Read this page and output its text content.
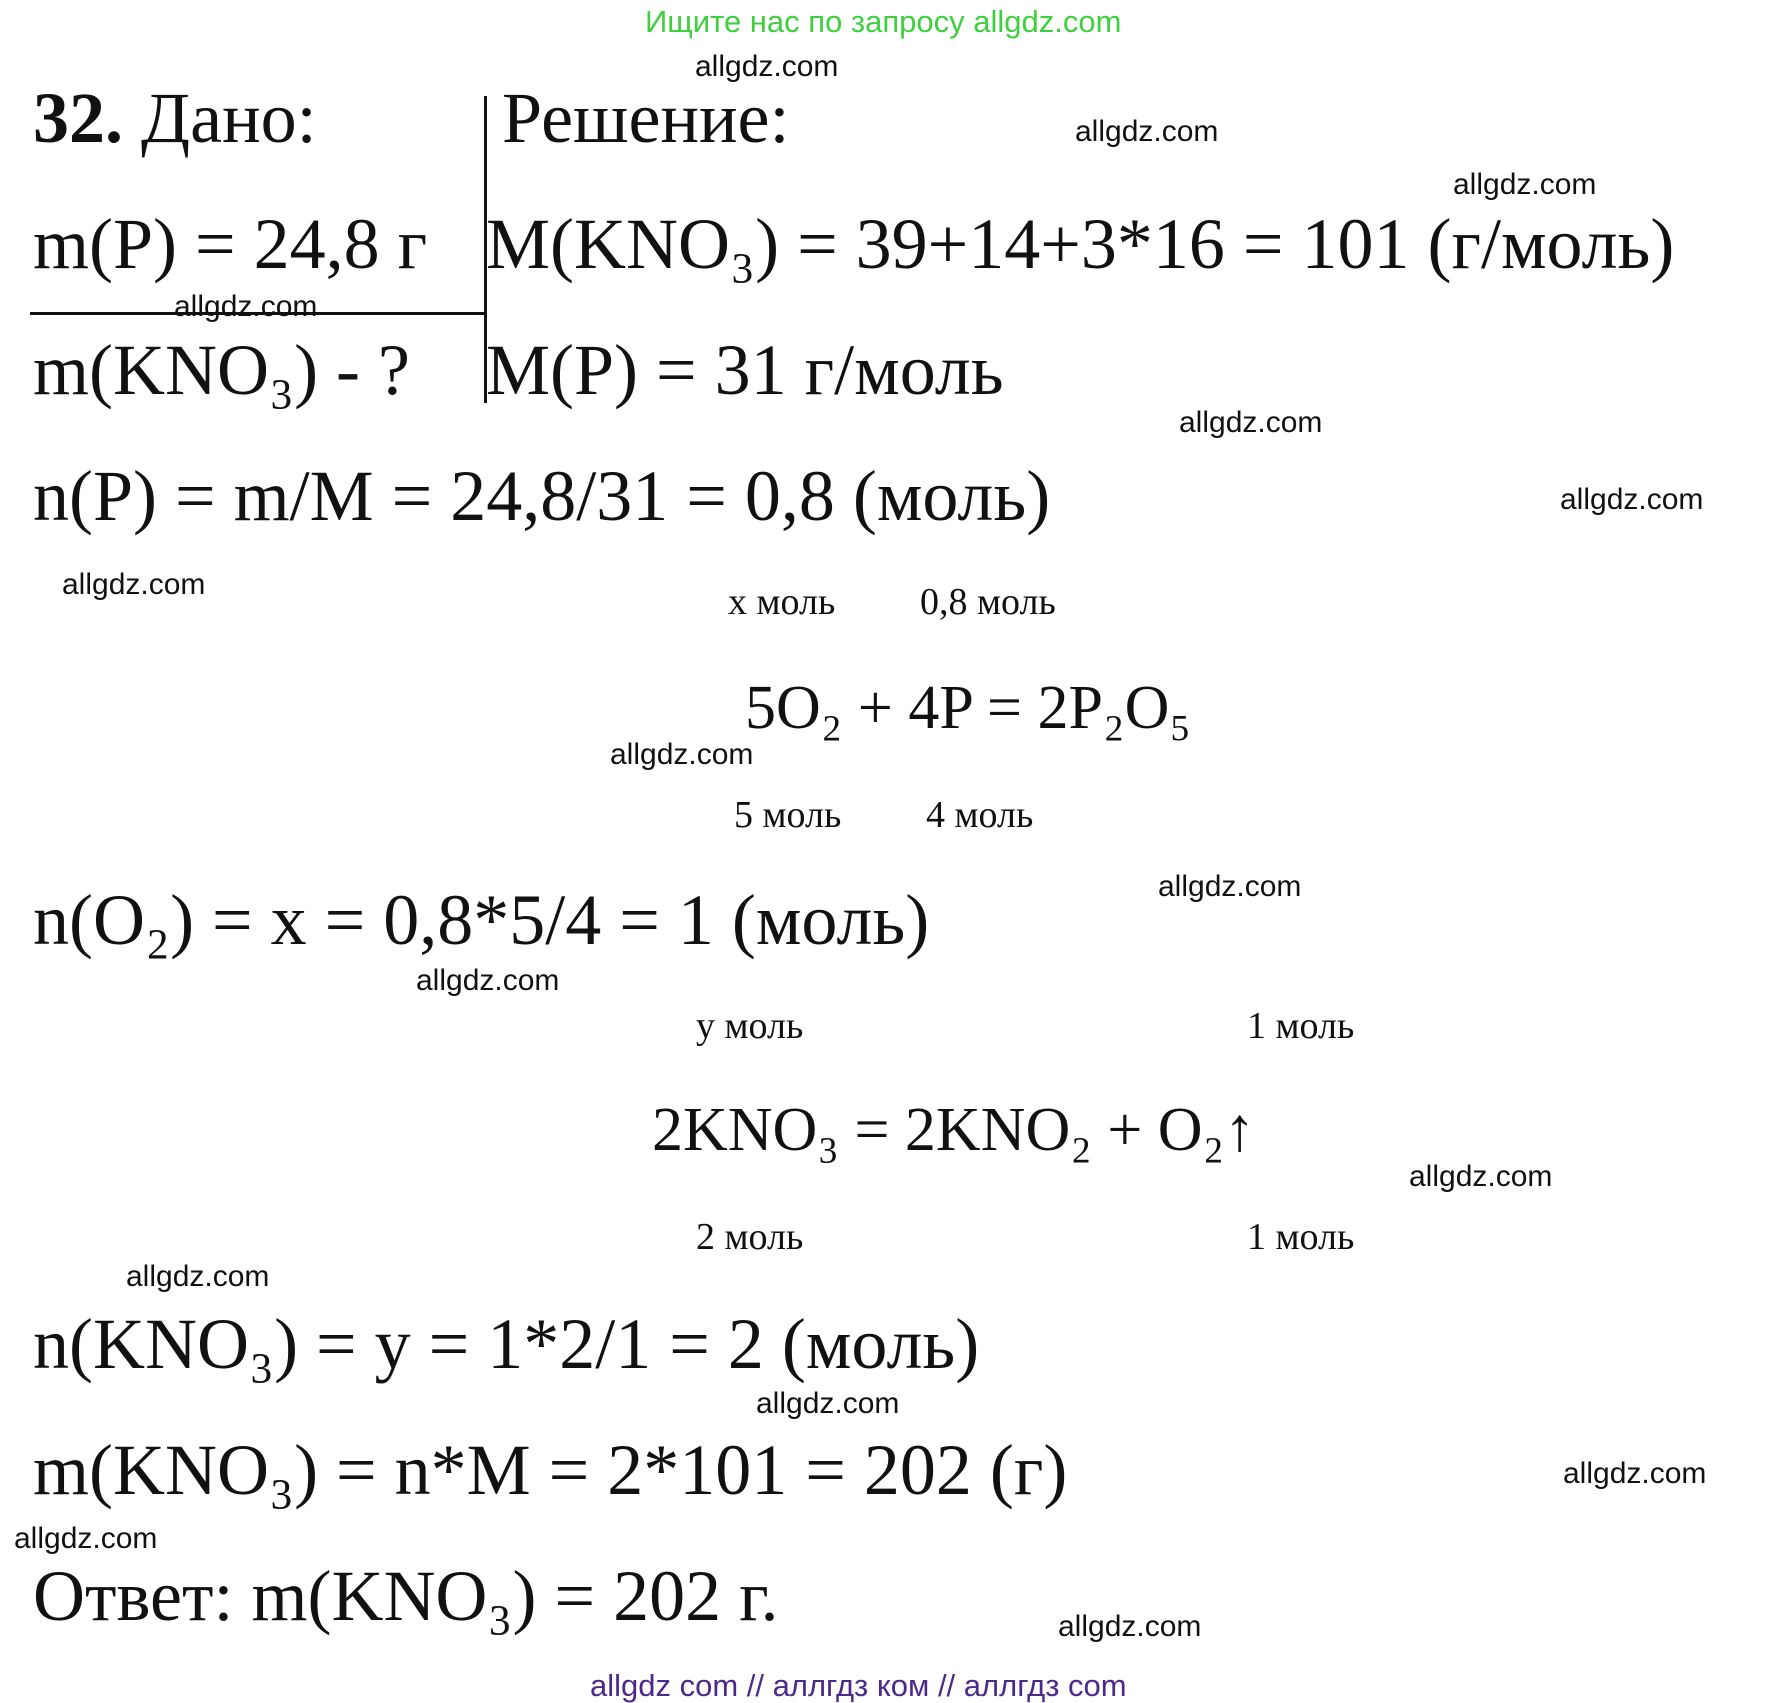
Ищите нас по запросу allgdz.com
32. Дано:	Решение:
m(P) = 24,8 г
m(KNO₃) - ?
M(KNO₃) = 39+14+3*16 = 101 (г/моль)
M(P) = 31 г/моль
n(P) = m/M = 24,8/31 = 0,8 (моль)
x моль 0,8 моль
5O₂ + 4P = 2P₂O₅
5 моль 4 моль
n(O₂) = x = 0,8*5/4 = 1 (моль)
y моль	1 моль
2KNO₃ = 2KNO₂ + O₂↑
2 моль	1 моль
n(KNO₃) = y = 1*2/1 = 2 (моль)
m(KNO₃) = n*M = 2*101 = 202 (г)
Ответ: m(KNO₃) = 202 г.
allgdz.com
allgdz.com
allgdz.com
allgdz.com
allgdz.com
allgdz.com
allgdz.com
allgdz.com
allgdz.com
allgdz.com
allgdz.com
allgdz.com
allgdz.com
allgdz.com
allgdz.com
allgdz.com
allgdz com // аллгдз ком // аллгдз com
